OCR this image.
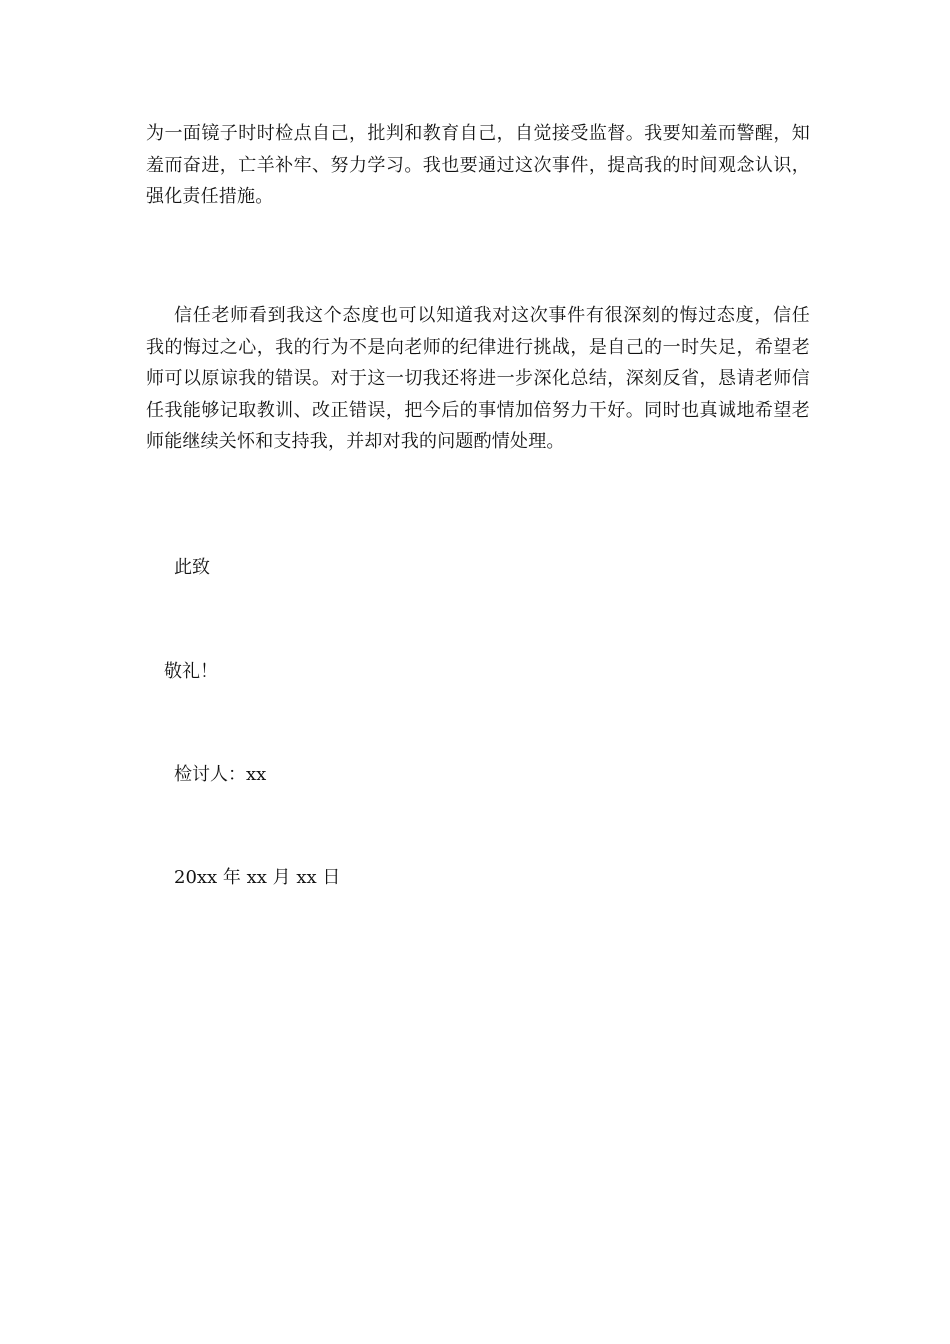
为一面镜子时时检点自己，批判和教育自己，自觉接受监督。我要知羞而警醒，知羞而奋进，亡羊补牢、努力学习。我也要通过这次事件，提高我的时间观念认识，强化责任措施。

信任老师看到我这个态度也可以知道我对这次事件有很深刻的悔过态度，信任我的悔过之心，我的行为不是向老师的纪律进行挑战，是自己的一时失足，希望老师可以原谅我的错误。对于这一切我还将进一步深化总结，深刻反省，恳请老师信任我能够记取教训、改正错误，把今后的事情加倍努力干好。同时也真诚地希望老师能继续关怀和支持我，并却对我的问题酌情处理。

此致

敬礼！

检讨人：xx

20xx 年 xx 月 xx 日
